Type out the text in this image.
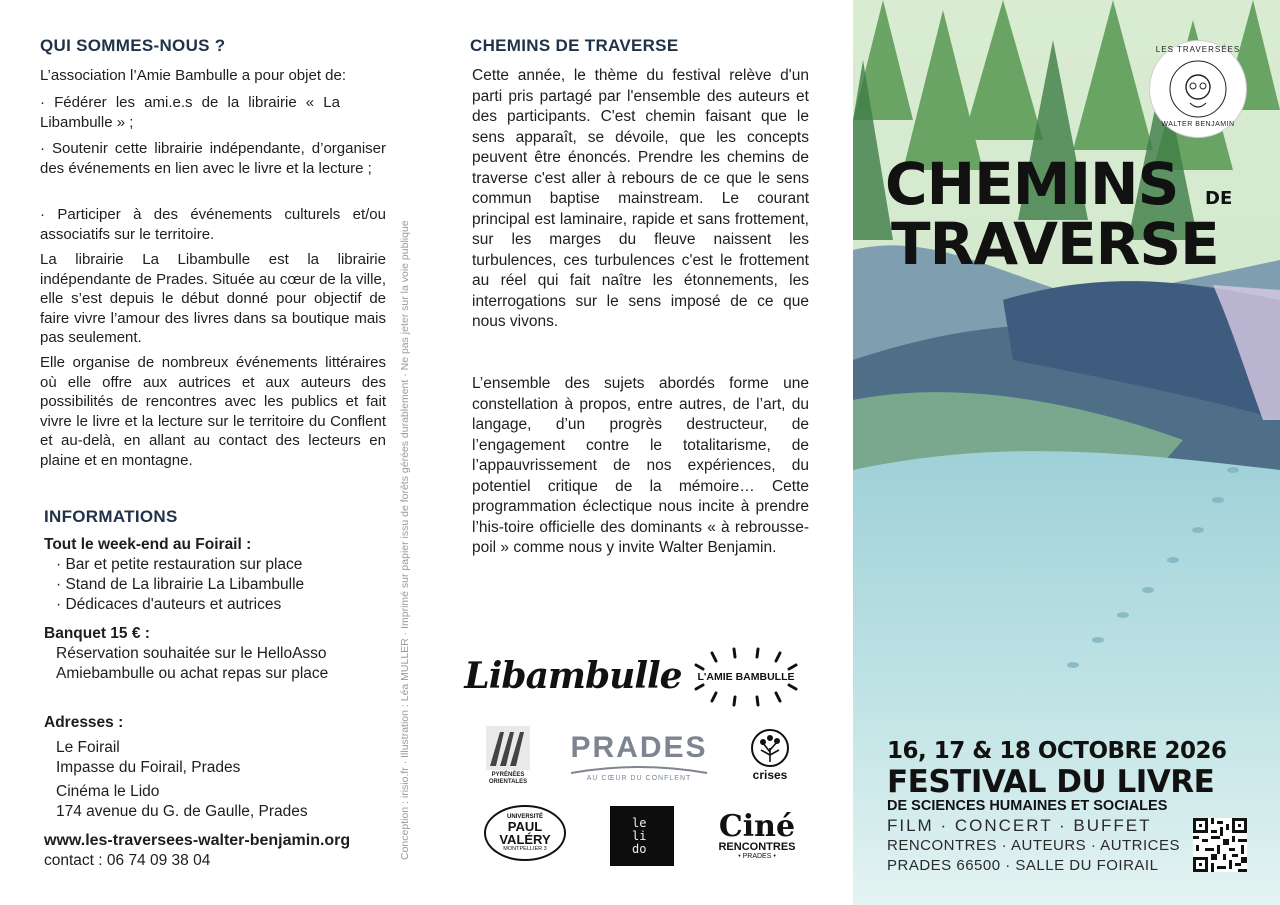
QUI SOMMES-NOUS ?
L’association l’Amie Bambulle a pour objet de:
· Fédérer les ami.e.s de la librairie « La Libambulle » ;
· Soutenir cette librairie indépendante, d’organiser des événements en lien avec le livre et la lecture ;
· Participer à des événements culturels et/ou associatifs sur le territoire.
La librairie La Libambulle est la librairie indépendante de Prades. Située au cœur de la ville, elle s’est depuis le début donné pour objectif de faire vivre l’amour des livres dans sa boutique mais pas seulement.
Elle organise de nombreux événements littéraires où elle offre aux autrices et aux auteurs des possibilités de rencontres avec les publics et fait vivre le livre et la lecture sur le territoire du Conflent et au-delà, en allant au contact des lecteurs en plaine et en montagne.
INFORMATIONS
Tout le week-end au Foirail :
· Bar et petite restauration sur place
· Stand de La librairie La Libambulle
· Dédicaces d'auteurs et autrices
Banquet 15 € :
Réservation souhaitée sur le HelloAsso Amiebambulle ou achat repas sur place
Adresses :
Le Foirail
Impasse du Foirail, Prades
Cinéma le Lido
174 avenue du G. de Gaulle, Prades
www.les-traversees-walter-benjamin.org
contact : 06 74 09 38 04
Conception : irisio.fr · Illustration : Léa MULLER · Imprimé sur papier issu de forêts gérées durablement · Ne pas jeter sur la voie publique
CHEMINS DE TRAVERSE
Cette année, le thème du festival relève d'un parti pris partagé par l'ensemble des auteurs et des participants. C'est chemin faisant que le sens apparaît, se dévoile, que les concepts peuvent être énoncés. Prendre les chemins de traverse c'est aller à rebours de ce que le sens commun baptise mainstream. Le courant principal est laminaire, rapide et sans frottement, sur les marges du fleuve naissent les turbulences, ces turbulences c'est le frottement au réel qui fait naître les étonnements, les interrogations sur le sens imposé de ce que nous vivons.
L’ensemble des sujets abordés forme une constellation à propos, entre autres, de l’art, du langage, d’un progrès destructeur, de l’engagement contre le totalitarisme, de l’appauvrissement de nos expériences, du potentiel critique de la mémoire… Cette programmation éclectique nous incite à prendre l’his-toire officielle des dominants « à rebrousse-poil » comme nous y invite Walter Benjamin.
Libambulle L'AMIE BAMBULLE
PYRÉNÉES ORIENTALES
PRADES
AU CŒUR DU CONFLENT	crises
UNIVERSITÉ
PAUL VALÉRY
MONTPELLIER 3
le lido
Ciné
RENCONTRES
• PRADES •
LES TRAVERSÉES
WALTER BENJAMIN
CHEMINS DE
TRAVERSE
16, 17 & 18 OCTOBRE 2026
FESTIVAL DU LIVRE
DE SCIENCES HUMAINES ET SOCIALES
FILM · CONCERT · BUFFET
RENCONTRES · AUTEURS · AUTRICES
PRADES 66500 · SALLE DU FOIRAIL
